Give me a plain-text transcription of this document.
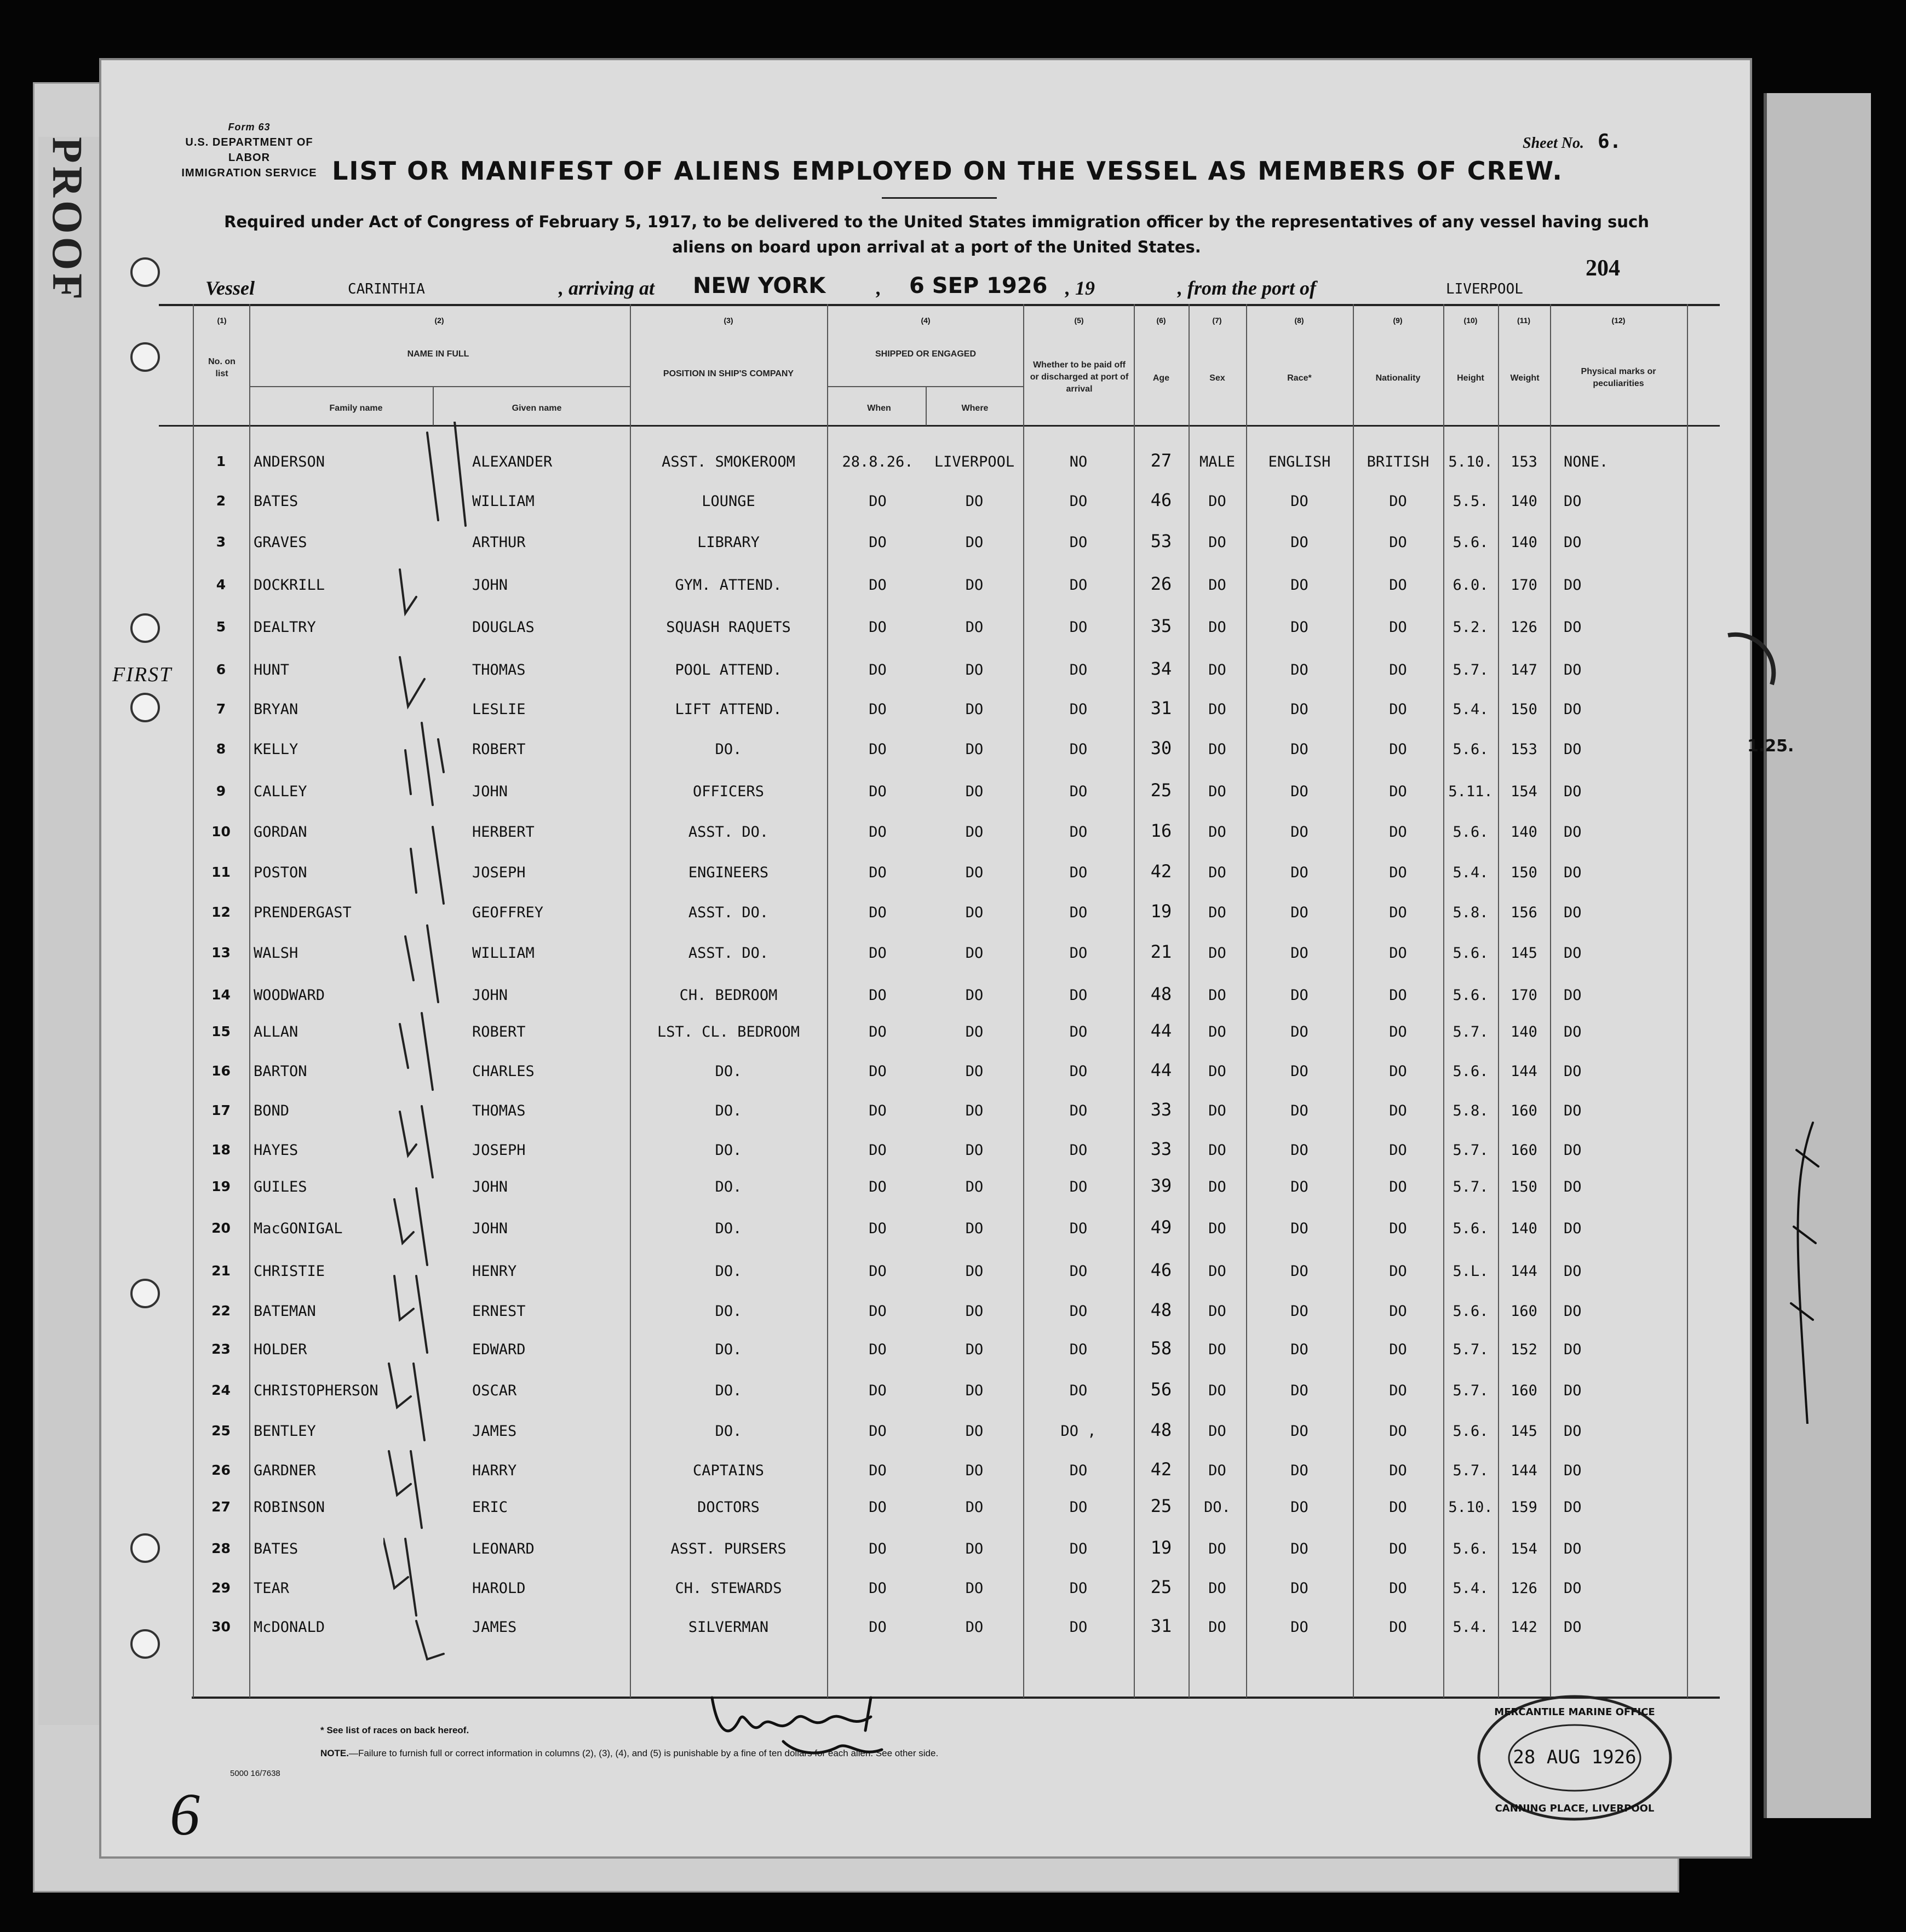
PROOF
Form 63
U.S. DEPARTMENT OF LABOR
IMMIGRATION SERVICE
Sheet No. 6.
LIST OR MANIFEST OF ALIENS EMPLOYED ON THE VESSEL AS MEMBERS OF CREW.
Required under Act of Congress of February 5, 1917, to be delivered to the United States immigration officer by the representatives of any vessel having such
aliens on board upon arrival at a port of the United States.
204
Vessel	CARINTHIA	, arriving at NEW YORK	, 6 SEP 1926 , 19	, from the port of	LIVERPOOL
(1)	(2)	(3)	(4)	(5)	(6)	(7)	(8)	(9)	(10)	(11)	(12)
No. on list
NAME IN FULL
Family name	Given name
POSITION IN SHIP'S COMPANY
SHIPPED OR ENGAGED
When	Where
Whether to be paid off or discharged at port of arrival
Age	Sex	Race*	Nationality	Height	Weight
Physical marks or peculiarities
FIRST
1	ANDERSON	ALEXANDER	ASST. SMOKEROOM	28.8.26.	LIVERPOOL	NO	27	MALE	ENGLISH	BRITISH	5.10.	153	NONE.
2	BATES	WILLIAM	LOUNGE	DO	DO	DO	46	DO	DO	DO	5.5.	140	DO
3	GRAVES	ARTHUR	LIBRARY	DO	DO	DO	53	DO	DO	DO	5.6.	140	DO
4	DOCKRILL	JOHN	GYM. ATTEND.	DO	DO	DO	26	DO	DO	DO	6.0.	170	DO
5	DEALTRY	DOUGLAS	SQUASH RAQUETS	DO	DO	DO	35	DO	DO	DO	5.2.	126	DO
6	HUNT	THOMAS	POOL ATTEND.	DO	DO	DO	34	DO	DO	DO	5.7.	147	DO
7	BRYAN	LESLIE	LIFT ATTEND.	DO	DO	DO	31	DO	DO	DO	5.4.	150	DO
8	KELLY	ROBERT	DO.	DO	DO	DO	30	DO	DO	DO	5.6.	153	DO
9	CALLEY	JOHN	OFFICERS	DO	DO	DO	25	DO	DO	DO	5.11.	154	DO
10	GORDAN	HERBERT	ASST. DO.	DO	DO	DO	16	DO	DO	DO	5.6.	140	DO
11	POSTON	JOSEPH	ENGINEERS	DO	DO	DO	42	DO	DO	DO	5.4.	150	DO
12	PRENDERGAST	GEOFFREY	ASST. DO.	DO	DO	DO	19	DO	DO	DO	5.8.	156	DO
13	WALSH	WILLIAM	ASST. DO.	DO	DO	DO	21	DO	DO	DO	5.6.	145	DO
14	WOODWARD	JOHN	CH. BEDROOM	DO	DO	DO	48	DO	DO	DO	5.6.	170	DO
15	ALLAN	ROBERT	LST. CL. BEDROOM	DO	DO	DO	44	DO	DO	DO	5.7.	140	DO
16	BARTON	CHARLES	DO.	DO	DO	DO	44	DO	DO	DO	5.6.	144	DO
17	BOND	THOMAS	DO.	DO	DO	DO	33	DO	DO	DO	5.8.	160	DO
18	HAYES	JOSEPH	DO.	DO	DO	DO	33	DO	DO	DO	5.7.	160	DO
19	GUILES	JOHN	DO.	DO	DO	DO	39	DO	DO	DO	5.7.	150	DO
20	MacGONIGAL	JOHN	DO.	DO	DO	DO	49	DO	DO	DO	5.6.	140	DO
21	CHRISTIE	HENRY	DO.	DO	DO	DO	46	DO	DO	DO	5.L.	144	DO
22	BATEMAN	ERNEST	DO.	DO	DO	DO	48	DO	DO	DO	5.6.	160	DO
23	HOLDER	EDWARD	DO.	DO	DO	DO	58	DO	DO	DO	5.7.	152	DO
24	CHRISTOPHERSON	OSCAR	DO.	DO	DO	DO	56	DO	DO	DO	5.7.	160	DO
25	BENTLEY	JAMES	DO.	DO	DO	DO ,	48	DO	DO	DO	5.6.	145	DO
26	GARDNER	HARRY	CAPTAINS	DO	DO	DO	42	DO	DO	DO	5.7.	144	DO
27	ROBINSON	ERIC	DOCTORS	DO	DO	DO	25	DO.	DO	DO	5.10.	159	DO
28	BATES	LEONARD	ASST. PURSERS	DO	DO	DO	19	DO	DO	DO	5.6.	154	DO
29	TEAR	HAROLD	CH. STEWARDS	DO	DO	DO	25	DO	DO	DO	5.4.	126	DO
30	McDONALD	JAMES	SILVERMAN	DO	DO	DO	31	DO	DO	DO	5.4.	142	DO
* See list of races on back hereof.
NOTE.—Failure to furnish full or correct information in columns (2), (3), (4), and (5) is punishable by a fine of ten dollars for each alien. See other side.
5000 16/7638
28 AUG 1926
MERCANTILE MARINE OFFICE
CANNING PLACE, LIVERPOOL
6
1.25.
